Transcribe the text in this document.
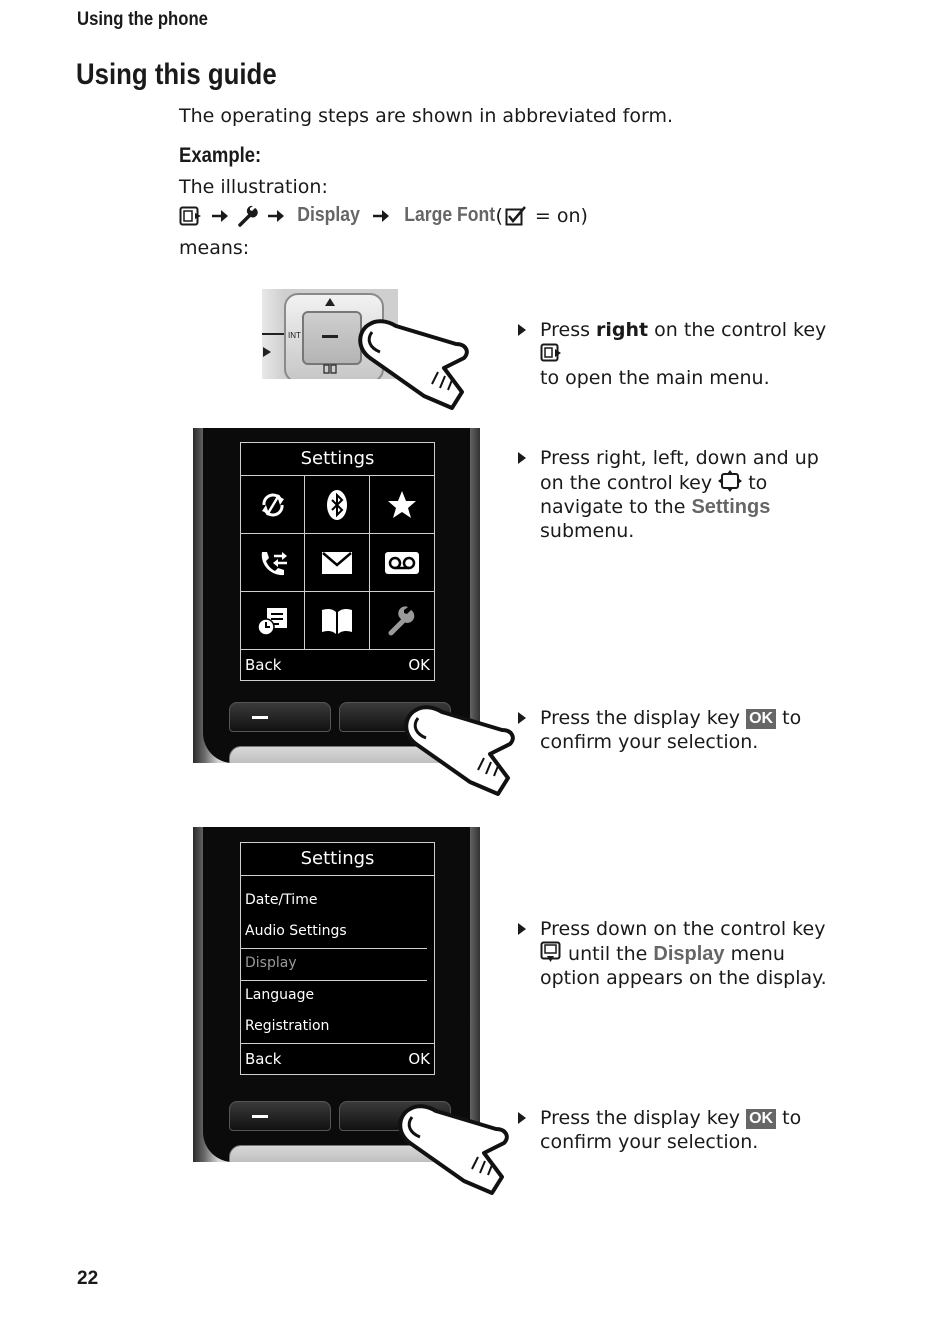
Using the phone
Using this guide
The operating steps are shown in abbreviated form.
Example:
The illustration:
Display Large Font ( = on)
means:
INT
Settings
Back	OK
Settings
Date/Time
Audio Settings
Display
Language
Registration
Back	OK
Press right on the control key
to open the main menu.
Press right, left, down and up on the control key to navigate to the Settings submenu.
Press the display key OK to confirm your selection.
Press down on the control key  until the Display menu option appears on the display.
Press the display key OK to confirm your selection.
22
